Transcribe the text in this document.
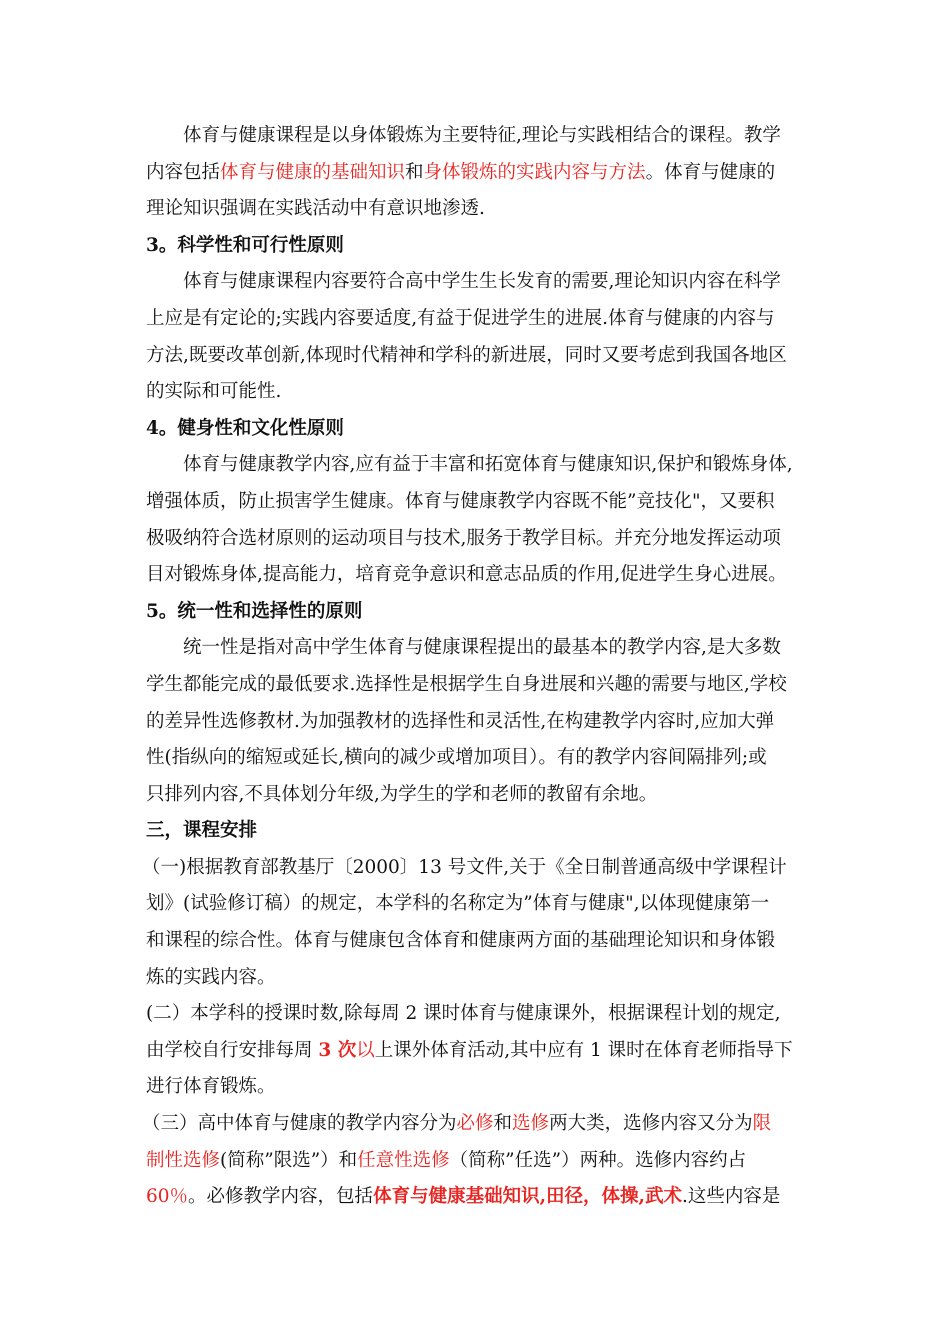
体育与健康课程是以身体锻炼为主要特征,理论与实践相结合的课程。教学
内容包括体育与健康的基础知识和身体锻炼的实践内容与方法。体育与健康的
理论知识强调在实践活动中有意识地渗透.
3。科学性和可行性原则
体育与健康课程内容要符合高中学生生长发育的需要,理论知识内容在科学
上应是有定论的;实践内容要适度,有益于促进学生的进展.体育与健康的内容与
方法,既要改革创新,体现时代精神和学科的新进展，同时又要考虑到我国各地区
的实际和可能性.
4。健身性和文化性原则
体育与健康教学内容,应有益于丰富和拓宽体育与健康知识,保护和锻炼身体,
增强体质，防止损害学生健康。体育与健康教学内容既不能”竞技化"，又要积
极吸纳符合选材原则的运动项目与技术,服务于教学目标。并充分地发挥运动项
目对锻炼身体,提高能力，培育竞争意识和意志品质的作用,促进学生身心进展。
5。统一性和选择性的原则
统一性是指对高中学生体育与健康课程提出的最基本的教学内容,是大多数
学生都能完成的最低要求.选择性是根据学生自身进展和兴趣的需要与地区,学校
的差异性选修教材.为加强教材的选择性和灵活性,在构建教学内容时,应加大弹
性(指纵向的缩短或延长,横向的减少或增加项目）。有的教学内容间隔排列;或
只排列内容,不具体划分年级,为学生的学和老师的教留有余地。
三，课程安排
（一)根据教育部教基厅〔2000〕13 号文件,关于《全日制普通高级中学课程计
划》(试验修订稿）的规定，本学科的名称定为”体育与健康",以体现健康第一
和课程的综合性。体育与健康包含体育和健康两方面的基础理论知识和身体锻
炼的实践内容。
(二）本学科的授课时数,除每周 2 课时体育与健康课外，根据课程计划的规定,
由学校自行安排每周 3 次以上课外体育活动,其中应有 1 课时在体育老师指导下
进行体育锻炼。
（三）高中体育与健康的教学内容分为必修和选修两大类，选修内容又分为限
制性选修(简称”限选”）和任意性选修（简称”任选”）两种。选修内容约占
60％。必修教学内容，包括体育与健康基础知识,田径，体操,武术.这些内容是
